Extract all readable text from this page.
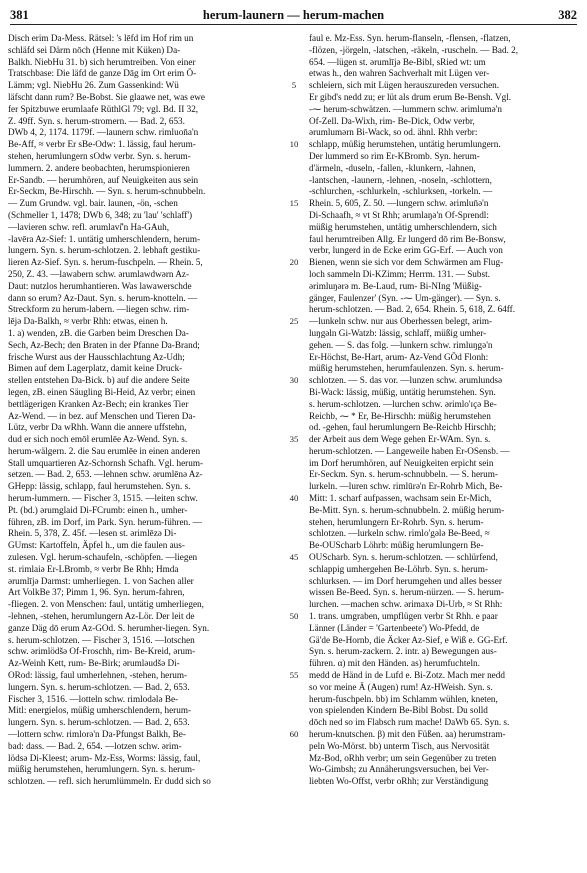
381	herum-launern — herum-machen	382
Disch erim Da-Mess. Rätsel: 's lēfd im Hof rim un
schläfd sei Därm nōch (Henne mit Küken) Da-
Balkh. NiebHu 31. b) sich herumtreiben. Von einer
Tratschbase: Die läfd de ganze Dāg im Ort erim Ö-
Lämm; vgl. NiebHu 26. Zum Gassenkind: Wü
läfscht dann rum? Be-Bobst. Sie glaawe net, was ewe
fer Spitzbuwe erumlaafe RüthlGl 79; vgl. Bd. II 32,
Z. 49ff. Syn. s. herum-stromern. — Bad. 2, 653.
DWb 4, 2, 1174. 1179f. —launern schw. rimluon̄a'n
Be-Aff, ≈ verbr Er sBe-Odw: 1. lässig, faul herum-
stehen, herumlungern sOdw verbr. Syn. s. herum-
lummern. 2. andere beobachten, herumspionieren
Er-Sandb. — herumhören, auf Neuigkeiten aus sein
Er-Seckm, Be-Hirschh. — Syn. s. herum-schnubbeln.
— Zum Grundw. vgl. bair. launen, -ön, -schen
(Schmeller 1, 1478; DWb 6, 348; zu 'lau' 'schlaff')
—lavieren schw. refl. ərumlavi̊'n Ha-GAuh,
-lavēra Az-Sief: 1. untätig umherschlendern, herum-
lungern. Syn. s. herum-schlotzen. 2. lebhaft gestiku-
lieren Az-Sief. Syn. s. herum-fuschpeln. — Rhein. 5,
250, Z. 43. —lawabern schw. ərumlawdwərn Az-
Daut: nutzlos herumhantieren. Was lawawerschde
dann so erum? Az-Daut. Syn. s. herum-knotteln. —
Streckform zu herum-labern. —liegen schw. rim-
lējə Da-Balkh, ≈ verbr Rhh: etwas, einen h.
1. a) wenden, zB. die Garben beim Dreschen Da-
Sech, Az-Bech; den Braten in der Pfanne Da-Brand;
frische Wurst aus der Hausschlachtung Az-Udh;
Bimen auf dem Lagerplatz, damit keine Druck-
stellen entstehen Da-Bick. b) auf die andere Seite
legen, zB. einen Säugling Bi-Heid, Az verbr; einen
bettlägerigen Kranken Az-Bech; ein krankes Tier
Az-Wend. — in bez. auf Menschen und Tieren Da-
Lütz, verbr Da wRhh. Wann die annere uffstehn,
dud er sich noch emōl erumlēe Az-Wend. Syn. s.
herum-wälgern. 2. die Sau erumlēe in einen anderen
Stall umquartieren Az-Schornsh Schafh. Vgl. herum-
setzen. — Bad. 2, 653. —lehnen schw. ərumlēnə Az-
GHepp: lässig, schlapp, faul herumstehen. Syn. s.
herum-lummern. — Fischer 3, 1515. —leiten schw.
Pt. (bd.) ərumglaid Di-FCrumb: einen h., umher-
führen, zB. im Dorf, im Park. Syn. herum-führen. —
Rhein. 5, 378, Z. 45f. —lesen st. ərimlēzə Di-
GUmst: Kartoffeln, Äpfel h., um die faulen aus-
zulesen. Vgl. herum-schaufeln, -schöpfen. —liegen
st. rimlaiə Er-LBromb, ≈ verbr Be Rhh; Hmda
ərumlījə Darmst: umherliegen. 1. von Sachen aller
Art VolkBe 37; Pimm 1, 96. Syn. herum-fahren,
-fliegen. 2. von Menschen: faul, untätig umherliegen,
-lehnen, -stehen, herumlungern Az-Lör. Der leit de
ganze Däg dō erum Az-GOd. S. herumher-liegen. Syn.
s. herum-schlotzen. — Fischer 3, 1516. —lotschen
schw. ərimlödšə Of-Froschh, rim- Be-Kreid, ərum-
Az-Weinh Kett, rum- Be-Birk; ərumləudšə Di-
ORod: lässig, faul umherlehnen, -stehen, herum-
lungern. Syn. s. herum-schlotzen. — Bad. 2, 653.
Fischer 3, 1516. —lotteln schw. rimlodələ Be-
Mitl: energielos, müßig umherschlendern, herum-
lungern. Syn. s. herum-schlotzen. — Bad. 2, 653.
—lottern schw. rimlorə'n Da-Pfungst Balkh, Be-
bad: dass. — Bad. 2, 654. —lotzen schw. ərim-
lödsə Di-Kleest; ərum- Mz-Ess, Worms: lässig, faul,
müßig herumstehen, herumlungern. Syn. s. herum-
schlotzen. — refl. sich herumlümmeln. Er dudd sich so
5
10
15
20
25
30
35
40
45
50
55
60
faul e. Mz-Ess. Syn. herum-flanseln, -flensen, -flatzen,
-flözen, -jörgeln, -latschen, -räkeln, -ruscheln. — Bad. 2,
654. —lügen st. ərumlījə Be-Bibl, sRied wt: um
etwas h., den wahren Sachverhalt mit Lügen ver-
schleiern, sich mit Lügen herauszureden versuchen.
Er gibd's nedd zu; er lüt als drum erum Be-Bensh. Vgl.
-⁓ herum-schwätzen. —lummern schw. ərimlumə'n
Of-Zell. Da-Wixh, rim- Be-Dick, Odw verbr,
ərumlumərn Bi-Wack, so od. ähnl. Rhh verbr:
schlapp, müßig herumstehen, untätig herumlungern.
Der lummerd so rim Er-KBromb. Syn. herum-
d'ärmeln, -duseln, -fallen, -klunkern, -lahnen,
-lantschen, -launern, -lehnen, -noseln, -schlottern,
-schlurchen, -schlurkeln, -schlurksen, -torkeln. —
Rhein. 5, 605, Z. 50. —lungern schw. ərimlun̄ə'n
Di-Schaafh, ≈ vt St Rhh; ərumlaŋə'n Of-Sprendl:
müßig herumstehen, untätig umherschlendern, sich
faul herumtreiben Allg. Er lungerd dō rim Be-Bonsw,
verbr, lungerd in de Ecke erim GG-Erf. — Auch von
Bienen, wenn sie sich vor dem Schwärmen am Flug-
loch sammeln Di-KZimm; Herrm. 131. — Subst.
ərimluŋərə m. Be-Laud, rum- Bi-NIng 'Müßig-
gänger, Faulenzer' (Syn. -⁓ Um-gänger). — Syn. s.
herum-schlotzen. — Bad. 2, 654. Rhein. 5, 618, Z. 64ff.
—lunkeln schw. nur aus Oberhessen belegt, ərim-
luŋgəln Gi-Watzb: lässig, schlaff, müßig umher-
gehen. — S. das folg. —lunkern schw. rimluŋgə'n
Er-Höchst, Be-Hart, ərum- Az-Vend GÖd Flonh:
müßig herumstehen, herumfaulenzen. Syn. s. herum-
schlotzen. — S. das vor. —lunzen schw. ərumlundsə
Bi-Wack: lässig, müßig, untätig herumstehen. Syn.
s. herum-schlotzen. —lurchen schw. ərimlo'ɪçə Be-
Reichb, ⁓ * Er, Be-Hirschh: müßig herumstehen
od. -gehen, faul herumlungern Be-Reichb Hirschh;
der Arbeit aus dem Wege gehen Er-WAm. Syn. s.
herum-schlotzen. — Langeweile haben Er-OSensb. —
im Dorf herumhören, auf Neuigkeiten erpicht sein
Er-Seckm. Syn. s. herum-schnubbeln. — S. herum-
lurkeln. —luren schw. rimlūrə'n Er-Rohrb Mich, Be-
Mitt: 1. scharf aufpassen, wachsam sein Er-Mich,
Be-Mitt. Syn. s. herum-schnubbeln. 2. müßig herum-
stehen, herumlungern Er-Rohrb. Syn. s. herum-
schlotzen. —lurkeln schw. rimlo'gələ Be-Beed, ≈
Be-OUScharb Löhrb: müßig herumlungern Be-
OUScharb. Syn. s. herum-schlotzen. — schlürfend,
schlappig umhergehen Be-Löhrb. Syn. s. herum-
schlurksen. — im Dorf herumgehen und alles besser
wissen Be-Beed. Syn. s. herum-nürzen. — S. herum-
lurchen. —machen schw. ərimaxə Di-Urb, ≈ St Rhh:
1. trans. umgraben, umpflügen verbr St Rhh. e paar
Länner (Länder = 'Gartenbeete') Wo-Pfedd, de
Gä'de Be-Hornb, die Äcker Az-Sief, e Wiß e. GG-Erf.
Syn. s. herum-zackern. 2. intr. a) Bewegungen aus-
führen. α) mit den Händen. as) herumfuchteln.
medd de Händ in de Lufd e. Bi-Zotz. Mach mer nedd
so vor meine Ä (Augen) rum! Az-HWeish. Syn. s.
herum-fuschpeln. bb) im Schlamm wühlen, kneten,
von spielenden Kindern Be-Bibl Bobst. Du solld
dōch ned so im Flabsch rum mache! DaWb 65. Syn. s.
herum-knutschen. β) mit den Füßen. aa) herumstram-
peln Wo-Mörst. bb) unterm Tisch, aus Nervosität
Mz-Bod, oRhh verbr; um sein Gegenüber zu treten
Wo-Gimbsh; zu Annäherungsversuchen, bei Ver-
liebten Wo-Offst, verbr oRhh; zur Verständigung
